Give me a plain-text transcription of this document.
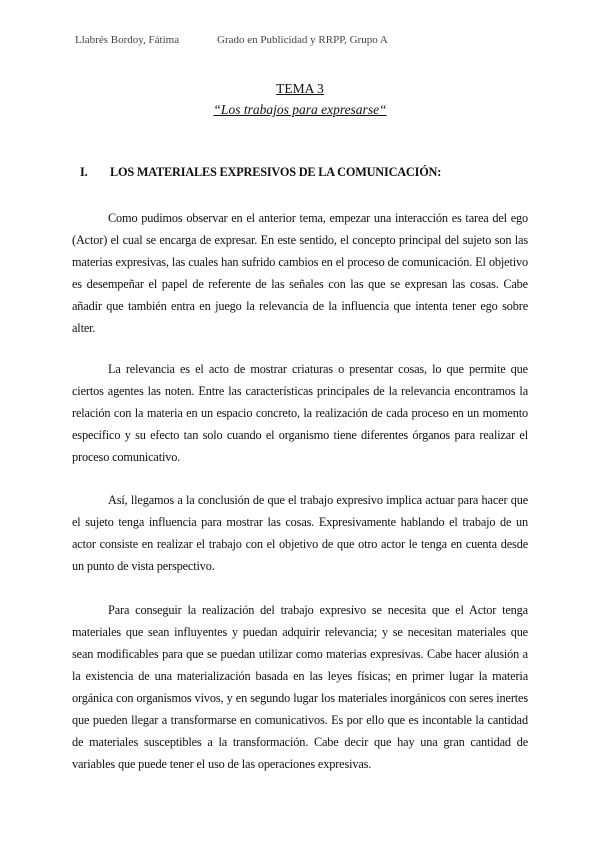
Llabrés Bordoy, Fátima	Grado en Publicidad y RRPP, Grupo A
TEMA 3
“Los trabajos para expresarse“
I. LOS MATERIALES EXPRESIVOS DE LA COMUNICACIÓN:

Como pudimos observar en el anterior tema, empezar una interacción es tarea del ego (Actor) el cual se encarga de expresar. En este sentido, el concepto principal del sujeto son las materias expresivas, las cuales han sufrido cambios en el proceso de comunicación. El objetivo es desempeñar el papel de referente de las señales con las que se expresan las cosas. Cabe añadir que también entra en juego la relevancia de la influencia que intenta tener ego sobre alter.

La relevancia es el acto de mostrar criaturas o presentar cosas, lo que permite que ciertos agentes las noten. Entre las características principales de la relevancia encontramos la relación con la materia en un espacio concreto, la realización de cada proceso en un momento específico y su efecto tan solo cuando el organismo tiene diferentes órganos para realizar el proceso comunicativo.

Así, llegamos a la conclusión de que el trabajo expresivo implica actuar para hacer que el sujeto tenga influencia para mostrar las cosas. Expresivamente hablando el trabajo de un actor consiste en realizar el trabajo con el objetivo de que otro actor le tenga en cuenta desde un punto de vista perspectivo.

Para conseguir la realización del trabajo expresivo se necesita que el Actor tenga materiales que sean influyentes y puedan adquirir relevancia; y se necesitan materiales que sean modificables para que se puedan utilizar como materias expresivas. Cabe hacer alusión a la existencia de una materialización basada en las leyes físicas; en primer lugar la materia orgánica con organismos vivos, y en segundo lugar los materiales inorgánicos con seres inertes que pueden llegar a transformarse en comunicativos. Es por ello que es incontable la cantidad de materiales susceptibles a la transformación. Cabe decir que hay una gran cantidad de variables que puede tener el uso de las operaciones expresivas.
